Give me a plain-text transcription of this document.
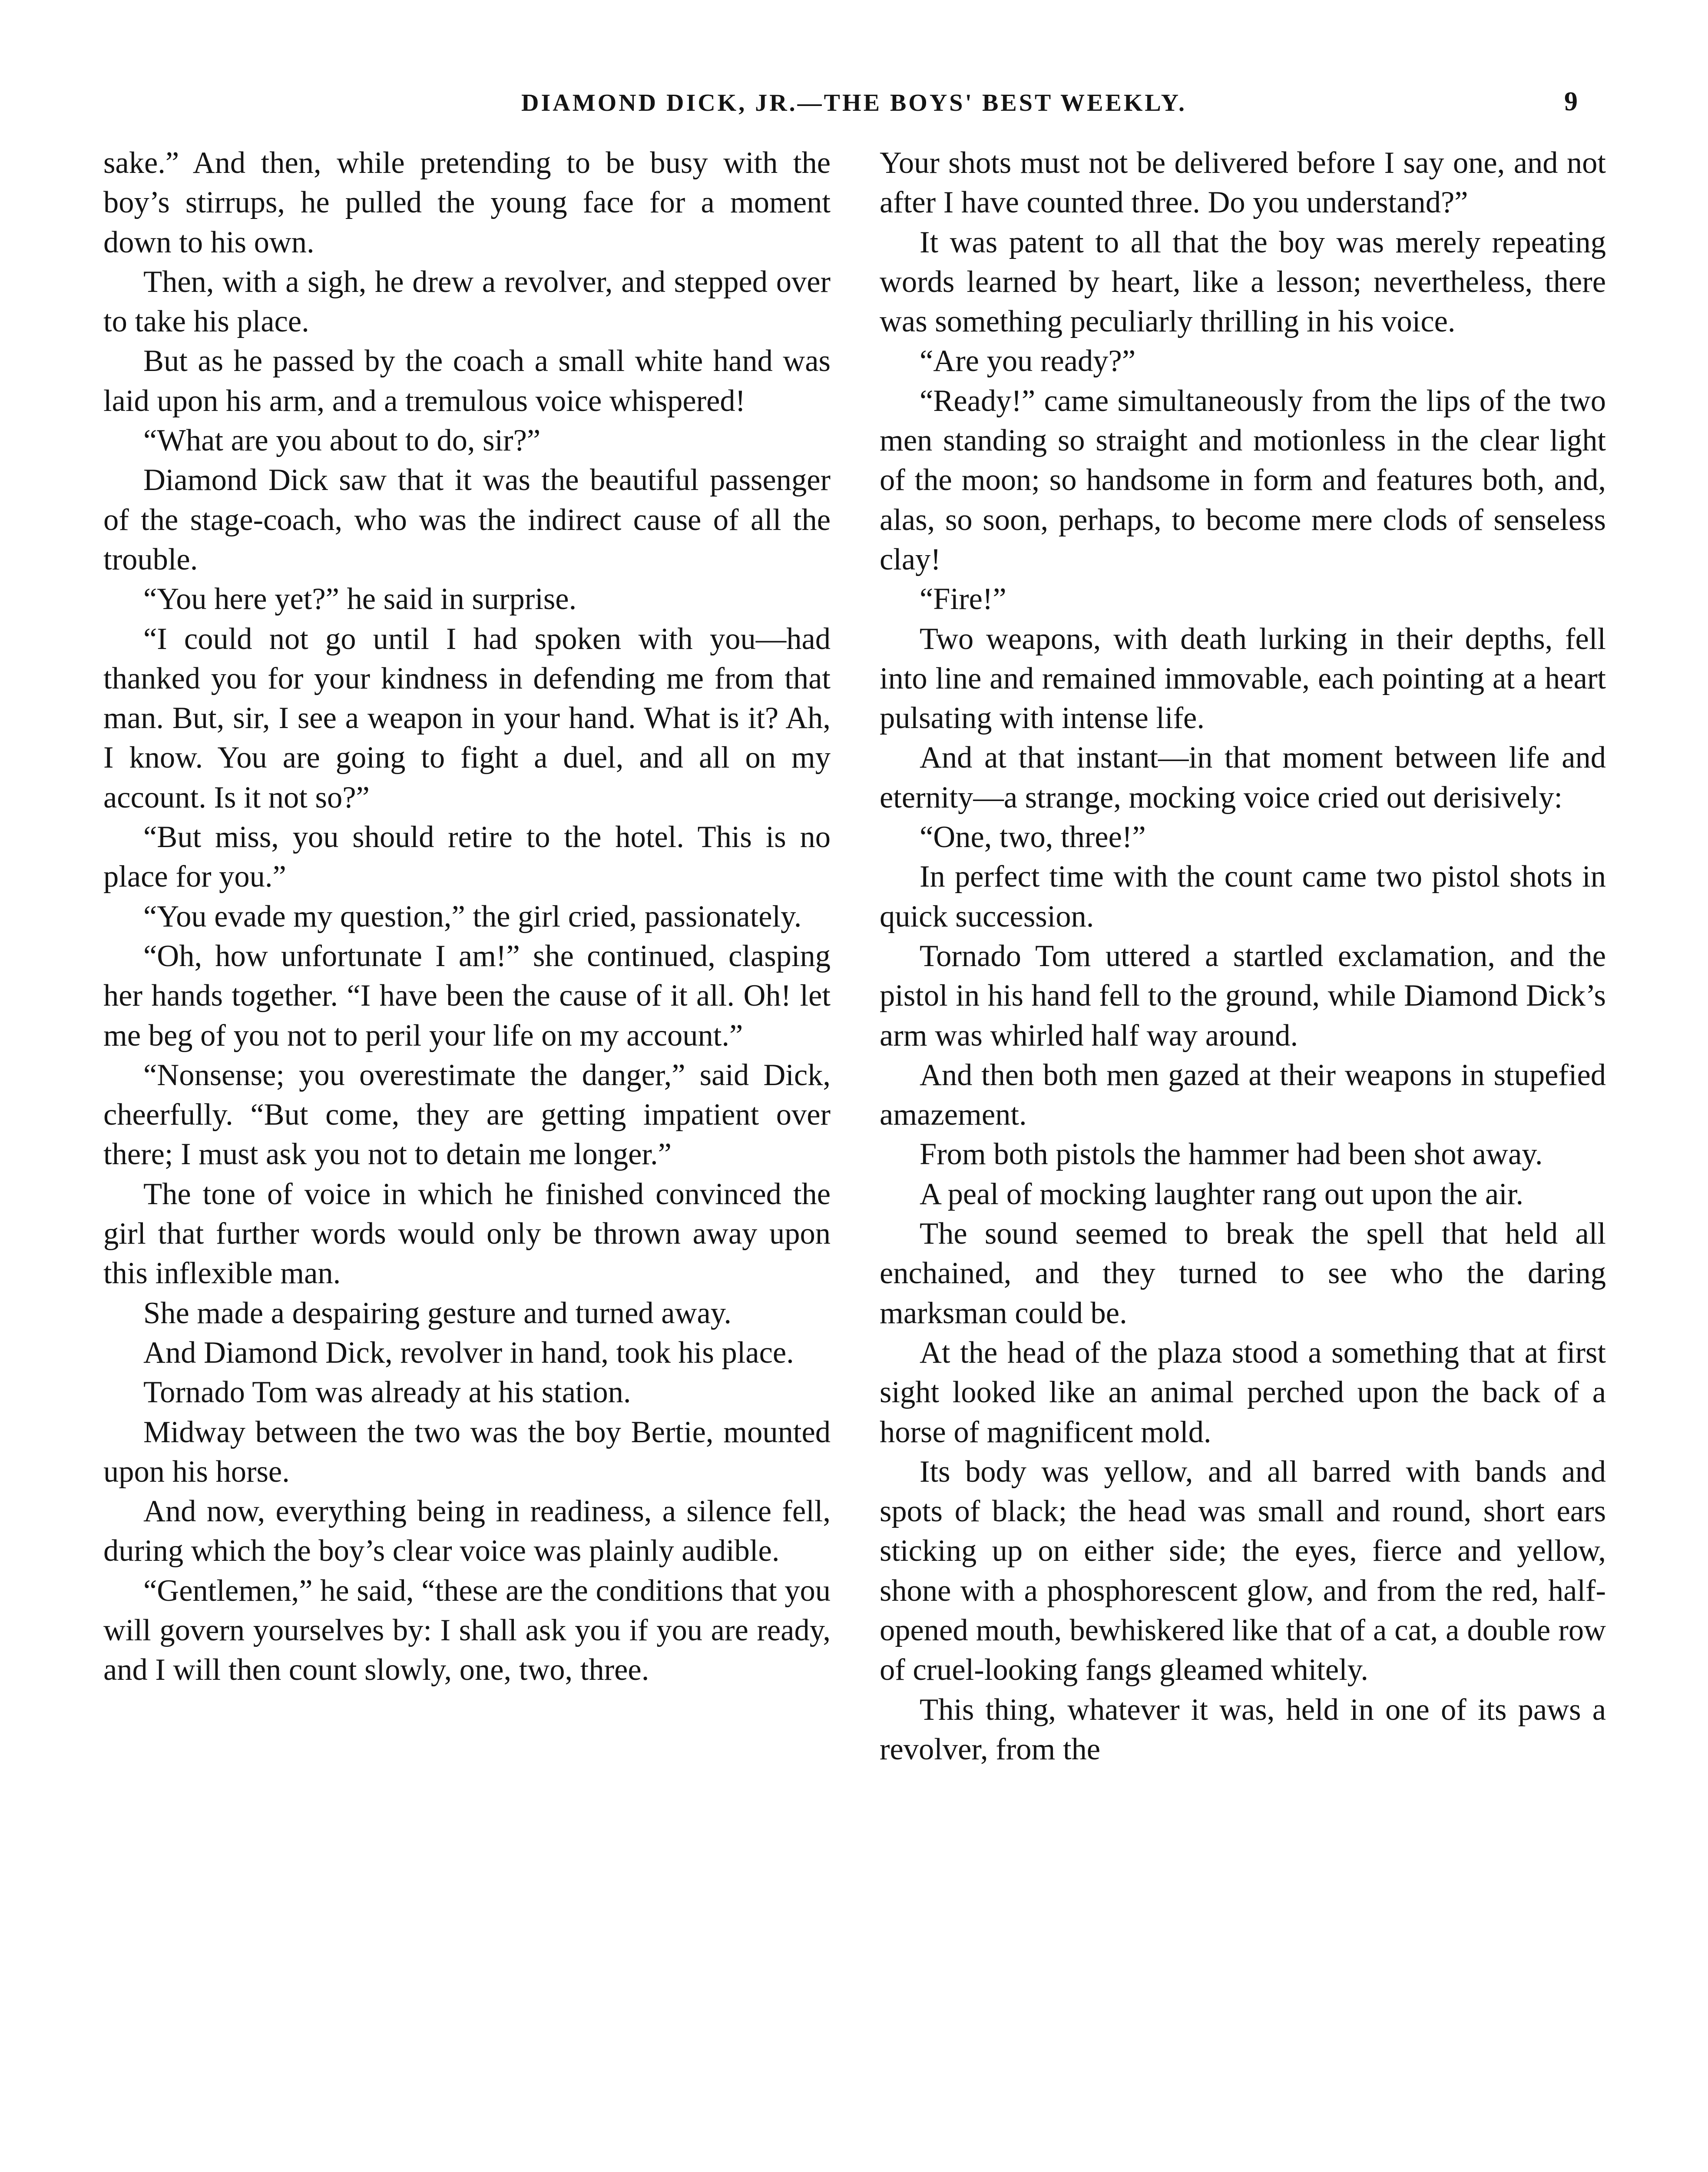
DIAMOND DICK, JR.—THE BOYS' BEST WEEKLY.	9

sake.” And then, while pretending to be busy with the boy’s stirrups, he pulled the young face for a moment down to his own.

Then, with a sigh, he drew a revolver, and stepped over to take his place.

But as he passed by the coach a small white hand was laid upon his arm, and a tremulous voice whispered!

“What are you about to do, sir?”

Diamond Dick saw that it was the beautiful passenger of the stage-coach, who was the indirect cause of all the trouble.

“You here yet?” he said in surprise.

“I could not go until I had spoken with you—had thanked you for your kindness in defending me from that man. But, sir, I see a weapon in your hand. What is it? Ah, I know. You are going to fight a duel, and all on my account. Is it not so?”

“But miss, you should retire to the hotel. This is no place for you.”

“You evade my question,” the girl cried, passionately.

“Oh, how unfortunate I am!” she continued, clasping her hands together. “I have been the cause of it all. Oh! let me beg of you not to peril your life on my account.”

“Nonsense; you overestimate the danger,” said Dick, cheerfully. “But come, they are getting impatient over there; I must ask you not to detain me longer.”

The tone of voice in which he finished convinced the girl that further words would only be thrown away upon this inflexible man.

She made a despairing gesture and turned away.

And Diamond Dick, revolver in hand, took his place.

Tornado Tom was already at his station.

Midway between the two was the boy Bertie, mounted upon his horse.

And now, everything being in readiness, a silence fell, during which the boy’s clear voice was plainly audible.

“Gentlemen,” he said, “these are the conditions that you will govern yourselves by: I shall ask you if you are ready, and I will then count slowly, one, two, three.

Your shots must not be delivered before I say one, and not after I have counted three. Do you understand?”

It was patent to all that the boy was merely repeating words learned by heart, like a lesson; nevertheless, there was something peculiarly thrilling in his voice.

“Are you ready?”

“Ready!” came simultaneously from the lips of the two men standing so straight and motionless in the clear light of the moon; so handsome in form and features both, and, alas, so soon, perhaps, to become mere clods of senseless clay!

“Fire!”

Two weapons, with death lurking in their depths, fell into line and remained immovable, each pointing at a heart pulsating with intense life.

And at that instant—in that moment between life and eternity—a strange, mocking voice cried out derisively:

“One, two, three!”

In perfect time with the count came two pistol shots in quick succession.

Tornado Tom uttered a startled exclamation, and the pistol in his hand fell to the ground, while Diamond Dick’s arm was whirled half way around.

And then both men gazed at their weapons in stupefied amazement.

From both pistols the hammer had been shot away.

A peal of mocking laughter rang out upon the air.

The sound seemed to break the spell that held all enchained, and they turned to see who the daring marksman could be.

At the head of the plaza stood a something that at first sight looked like an animal perched upon the back of a horse of magnificent mold.

Its body was yellow, and all barred with bands and spots of black; the head was small and round, short ears sticking up on either side; the eyes, fierce and yellow, shone with a phosphorescent glow, and from the red, half-opened mouth, bewhiskered like that of a cat, a double row of cruel-looking fangs gleamed whitely.

This thing, whatever it was, held in one of its paws a revolver, from the
